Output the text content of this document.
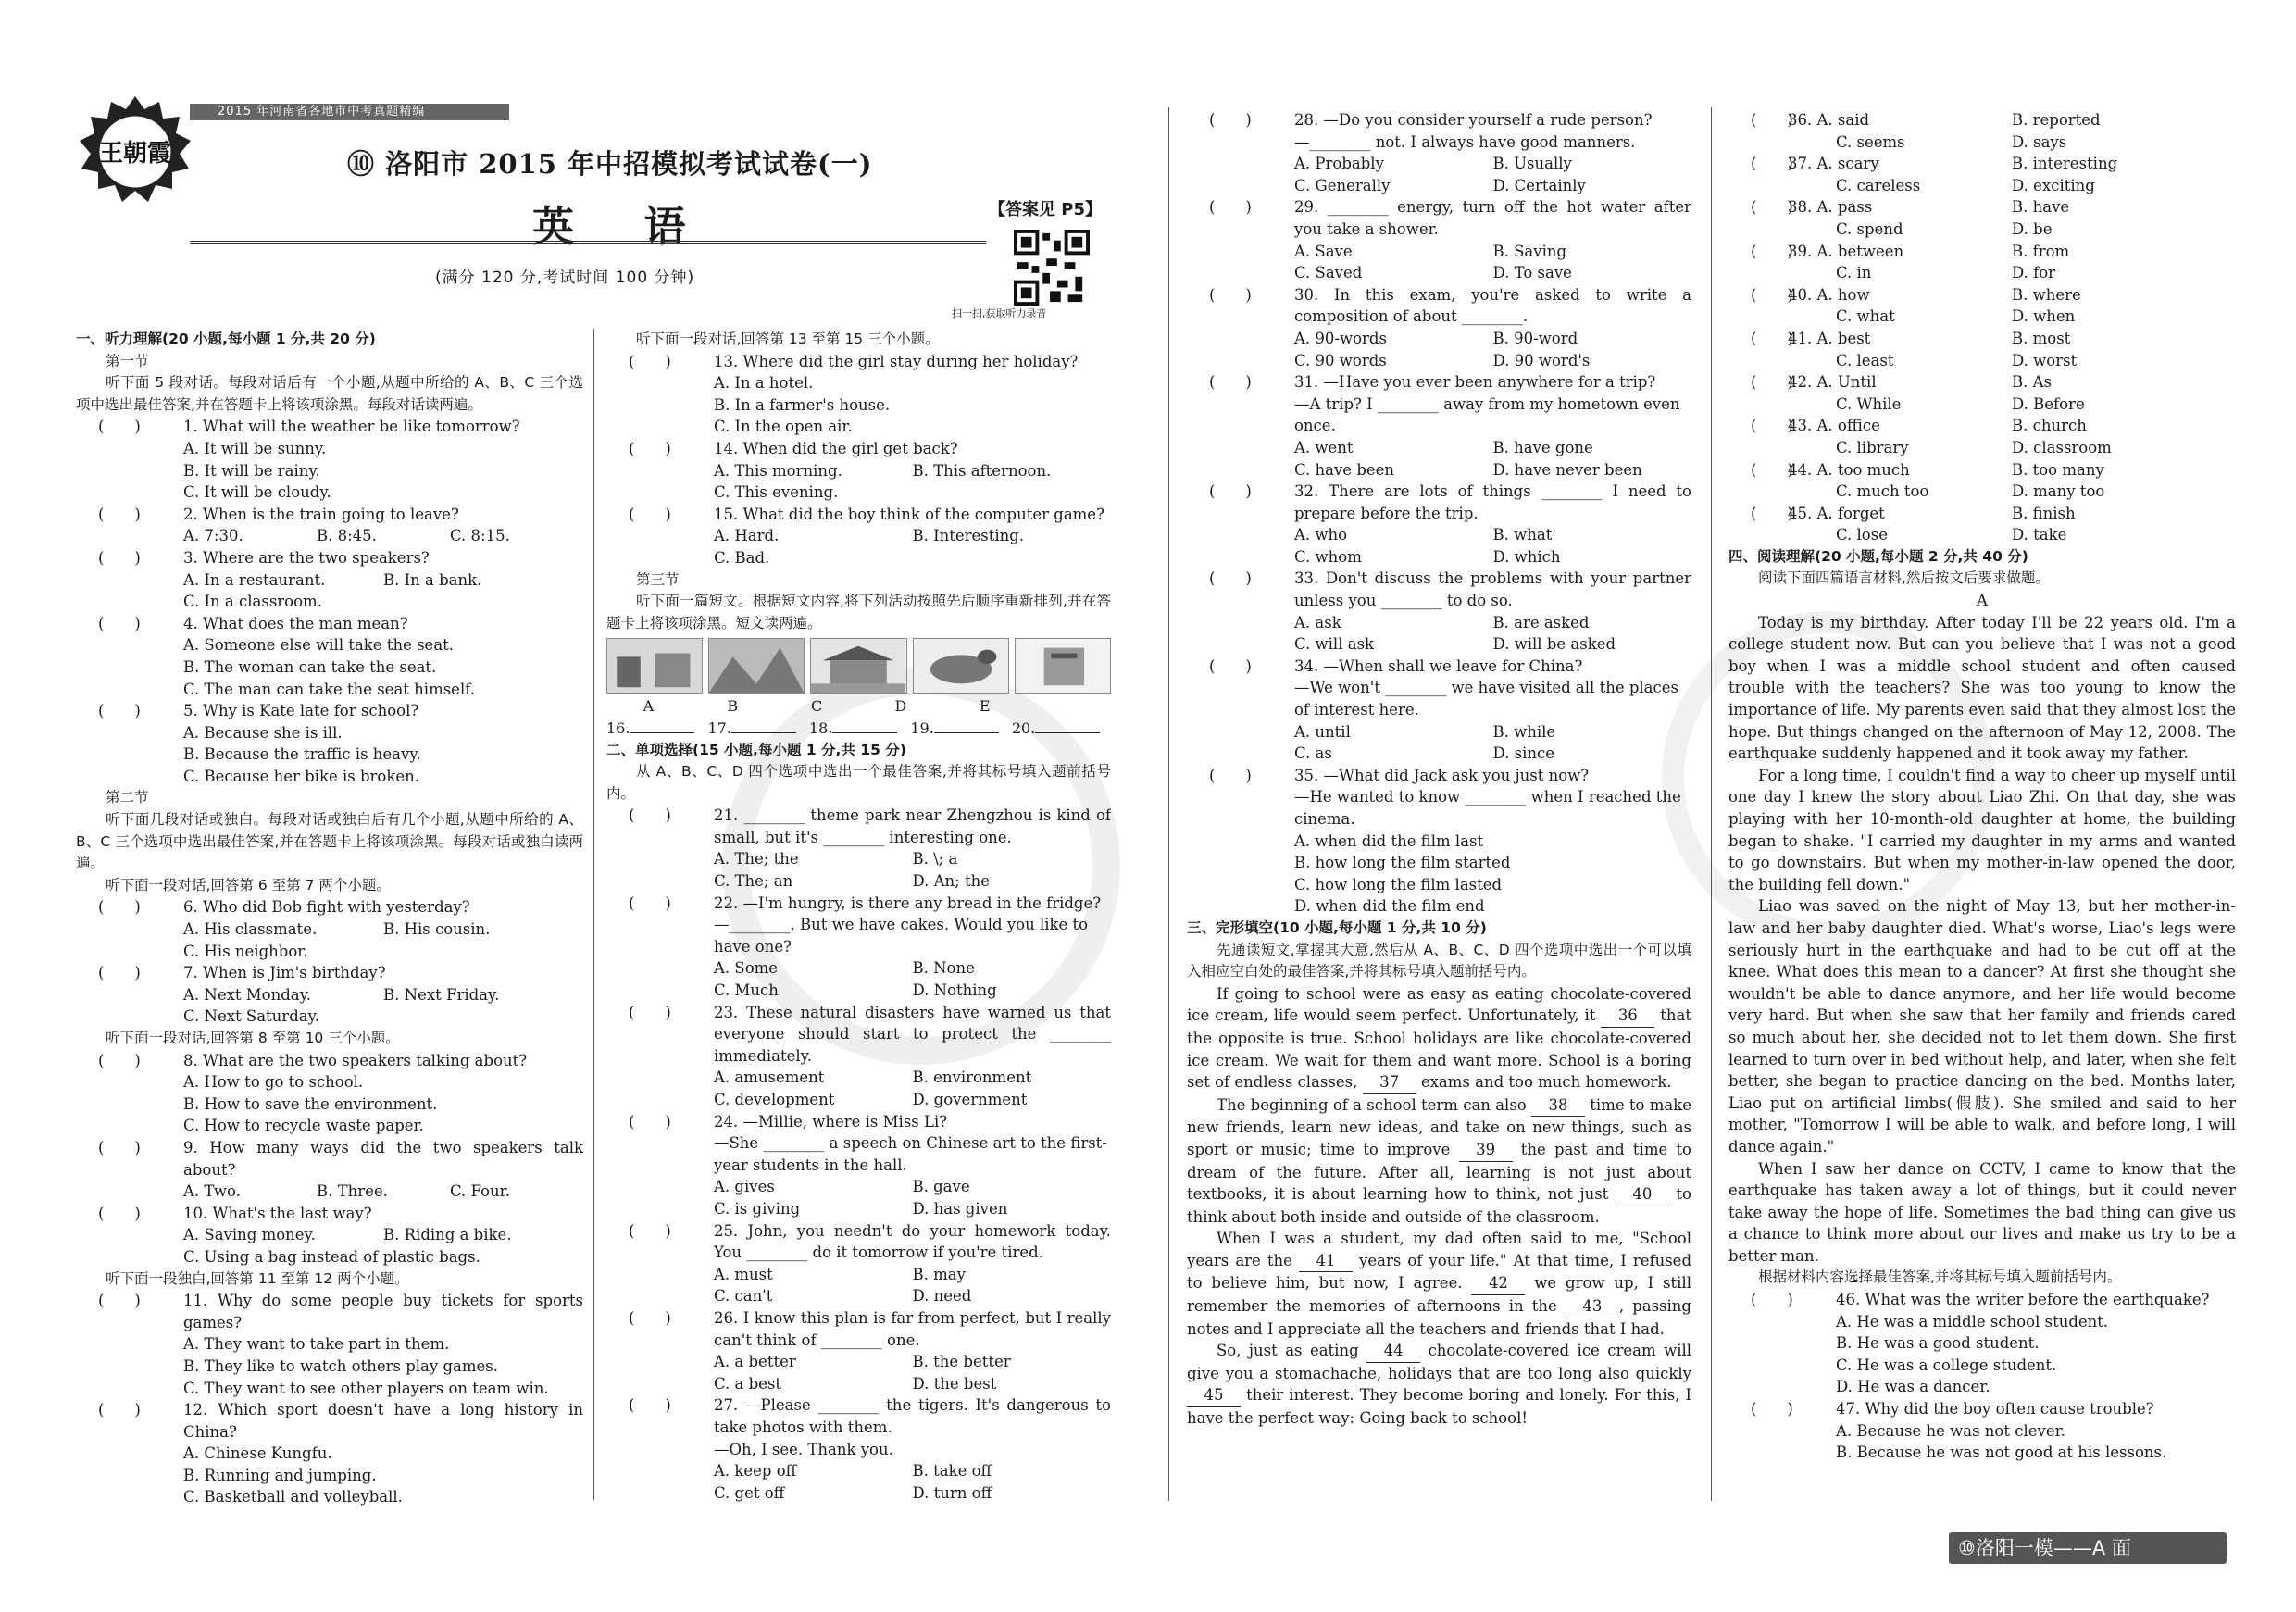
王朝霞
2015 年河南省各地市中考真题精编
⑩ 洛阳市 2015 年中招模拟考试试卷(一)
英 语	【答案见 P5】
(满分 120 分,考试时间 100 分钟)
扫一扫,获取听力录音
一、听力理解(20 小题,每小题 1 分,共 20 分)
第一节
听下面 5 段对话。每段对话后有一个小题,从题中所给的 A、B、C 三个选项中选出最佳答案,并在答题卡上将该项涂黑。每段对话读两遍。
(　　)	1. What will the weather be like tomorrow?
A. It will be sunny.
B. It will be rainy.
C. It will be cloudy.
(　　)	2. When is the train going to leave?
A. 7:30.	B. 8:45.	C. 8:15.
(　　)	3. Where are the two speakers?
A. In a restaurant.	B. In a bank.
C. In a classroom.
(　　)	4. What does the man mean?
A. Someone else will take the seat.
B. The woman can take the seat.
C. The man can take the seat himself.
(　　)	5. Why is Kate late for school?
A. Because she is ill.
B. Because the traffic is heavy.
C. Because her bike is broken.
第二节
听下面几段对话或独白。每段对话或独白后有几个小题,从题中所给的 A、B、C 三个选项中选出最佳答案,并在答题卡上将该项涂黑。每段对话或独白读两遍。
听下面一段对话,回答第 6 至第 7 两个小题。
(　　)	6. Who did Bob fight with yesterday?
A. His classmate.	B. His cousin.
C. His neighbor.
(　　)	7. When is Jim's birthday?
A. Next Monday.	B. Next Friday.
C. Next Saturday.
听下面一段对话,回答第 8 至第 10 三个小题。
(　　)	8. What are the two speakers talking about?
A. How to go to school.
B. How to save the environment.
C. How to recycle waste paper.
(　　)	9. How many ways did the two speakers talk about?
A. Two.	B. Three.	C. Four.
(　　)	10. What's the last way?
A. Saving money.	B. Riding a bike.
C. Using a bag instead of plastic bags.
听下面一段独白,回答第 11 至第 12 两个小题。
(　　)	11. Why do some people buy tickets for sports games?
A. They want to take part in them.
B. They like to watch others play games.
C. They want to see other players on team win.
(　　)	12. Which sport doesn't have a long history in China?
A. Chinese Kungfu.
B. Running and jumping.
C. Basketball and volleyball.
听下面一段对话,回答第 13 至第 15 三个小题。
(　　)	13. Where did the girl stay during her holiday?
A. In a hotel.
B. In a farmer's house.
C. In the open air.
(　　)	14. When did the girl get back?
A. This morning.	B. This afternoon.
C. This evening.
(　　)	15. What did the boy think of the computer game?
A. Hard.	B. Interesting.
C. Bad.
第三节
听下面一篇短文。根据短文内容,将下列活动按照先后顺序重新排列,并在答题卡上将该项涂黑。短文读两遍。
A	B	C	D	E
16.	17.	18.	19.	20.
二、单项选择(15 小题,每小题 1 分,共 15 分)
从 A、B、C、D 四个选项中选出一个最佳答案,并将其标号填入题前括号内。
(　　)	21. ________ theme park near Zhengzhou is kind of small, but it's ________ interesting one.
A. The; the	B. \; a
C. The; an	D. An; the
(　　)	22. —I'm hungry, is there any bread in the fridge?
—________. But we have cakes. Would you like to have one?
A. Some	B. None
C. Much	D. Nothing
(　　)	23. These natural disasters have warned us that everyone should start to protect the ________ immediately.
A. amusement	B. environment
C. development	D. government
(　　)	24. —Millie, where is Miss Li?
—She ________ a speech on Chinese art to the first-year students in the hall.
A. gives	B. gave
C. is giving	D. has given
(　　)	25. John, you needn't do your homework today. You ________ do it tomorrow if you're tired.
A. must	B. may
C. can't	D. need
(　　)	26. I know this plan is far from perfect, but I really can't think of ________ one.
A. a better	B. the better
C. a best	D. the best
(　　)	27. —Please ________ the tigers. It's dangerous to take photos with them.
—Oh, I see. Thank you.
A. keep off	B. take off
C. get off	D. turn off
(　　)	28. —Do you consider yourself a rude person?
—________ not. I always have good manners.
A. Probably	B. Usually
C. Generally	D. Certainly
(　　)	29. ________ energy, turn off the hot water after you take a shower.
A. Save	B. Saving
C. Saved	D. To save
(　　)	30. In this exam, you're asked to write a composition of about ________.
A. 90-words	B. 90-word
C. 90 words	D. 90 word's
(　　)	31. —Have you ever been anywhere for a trip?
—A trip? I ________ away from my hometown even once.
A. went	B. have gone
C. have been	D. have never been
(　　)	32. There are lots of things ________ I need to prepare before the trip.
A. who	B. what
C. whom	D. which
(　　)	33. Don't discuss the problems with your partner unless you ________ to do so.
A. ask	B. are asked
C. will ask	D. will be asked
(　　)	34. —When shall we leave for China?
—We won't ________ we have visited all the places of interest here.
A. until	B. while
C. as	D. since
(　　)	35. —What did Jack ask you just now?
—He wanted to know ________ when I reached the cinema.
A. when did the film last
B. how long the film started
C. how long the film lasted
D. when did the film end
三、完形填空(10 小题,每小题 1 分,共 10 分)
先通读短文,掌握其大意,然后从 A、B、C、D 四个选项中选出一个可以填入相应空白处的最佳答案,并将其标号填入题前括号内。
If going to school were as easy as eating chocolate-covered ice cream, life would seem perfect. Unfortunately, it 36 that the opposite is true. School holidays are like chocolate-covered ice cream. We wait for them and want more. School is a boring set of endless classes, 37 exams and too much homework.
The beginning of a school term can also 38 time to make new friends, learn new ideas, and take on new things, such as sport or music; time to improve 39 the past and time to dream of the future. After all, learning is not just about textbooks, it is about learning how to think, not just 40 to think about both inside and outside of the classroom.
When I was a student, my dad often said to me, "School years are the 41 years of your life." At that time, I refused to believe him, but now, I agree. 42 we grow up, I still remember the memories of afternoons in the 43 , passing notes and I appreciate all the teachers and friends that I had.
So, just as eating 44 chocolate-covered ice cream will give you a stomachache, holidays that are too long also quickly 45 their interest. They become boring and lonely. For this, I have the perfect way: Going back to school!
(　　)
36. A. said	B. reported
C. seems	D. says
(　　)
37. A. scary	B. interesting
C. careless	D. exciting
(　　)
38. A. pass	B. have
C. spend	D. be
(　　)
39. A. between	B. from
C. in	D. for
(　　)
40. A. how	B. where
C. what	D. when
(　　)
41. A. best	B. most
C. least	D. worst
(　　)
42. A. Until	B. As
C. While	D. Before
(　　)
43. A. office	B. church
C. library	D. classroom
(　　)
44. A. too much	B. too many
C. much too	D. many too
(　　)
45. A. forget	B. finish
C. lose	D. take
四、阅读理解(20 小题,每小题 2 分,共 40 分)
阅读下面四篇语言材料,然后按文后要求做题。
A
Today is my birthday. After today I'll be 22 years old. I'm a college student now. But can you believe that I was not a good boy when I was a middle school student and often caused trouble with the teachers? She was too young to know the importance of life. My parents even said that they almost lost the hope. But things changed on the afternoon of May 12, 2008. The earthquake suddenly happened and it took away my father.
For a long time, I couldn't find a way to cheer up myself until one day I knew the story about Liao Zhi. On that day, she was playing with her 10-month-old daughter at home, the building began to shake. "I carried my daughter in my arms and wanted to go downstairs. But when my mother-in-law opened the door, the building fell down."
Liao was saved on the night of May 13, but her mother-in-law and her baby daughter died. What's worse, Liao's legs were seriously hurt in the earthquake and had to be cut off at the knee. What does this mean to a dancer? At first she thought she wouldn't be able to dance anymore, and her life would become very hard. But when she saw that her family and friends cared so much about her, she decided not to let them down. She first learned to turn over in bed without help, and later, when she felt better, she began to practice dancing on the bed. Months later, Liao put on artificial limbs(假肢). She smiled and said to her mother, "Tomorrow I will be able to walk, and before long, I will dance again."
When I saw her dance on CCTV, I came to know that the earthquake has taken away a lot of things, but it could never take away the hope of life. Sometimes the bad thing can give us a chance to think more about our lives and make us try to be a better man.
根据材料内容选择最佳答案,并将其标号填入题前括号内。
(　　)	46. What was the writer before the earthquake?
A. He was a middle school student.
B. He was a good student.
C. He was a college student.
D. He was a dancer.
(　　)	47. Why did the boy often cause trouble?
A. Because he was not clever.
B. Because he was not good at his lessons.
⑩洛阳一模——A 面
